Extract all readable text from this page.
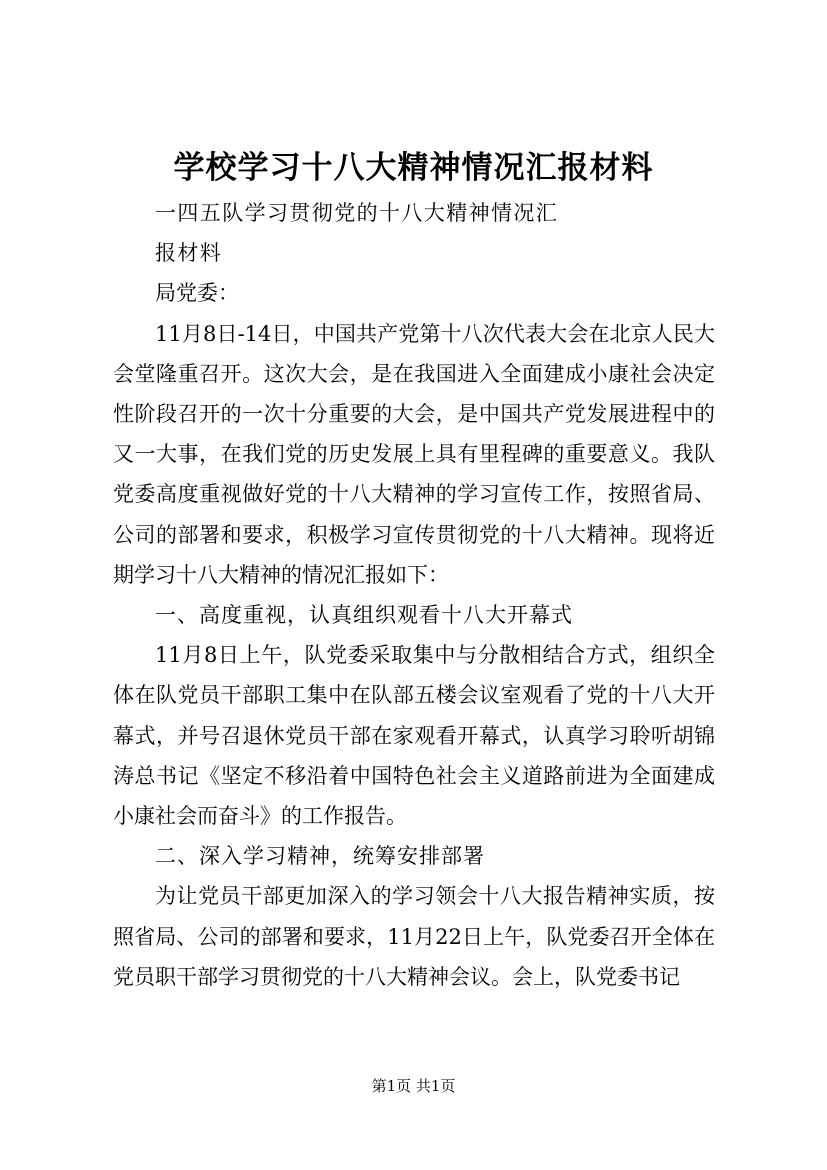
学校学习十八大精神情况汇报材料

一四五队学习贯彻党的十八大精神情况汇

报材料

局党委：

11月8日-14日，中国共产党第十八次代表大会在北京人民大会堂隆重召开。这次大会，是在我国进入全面建成小康社会决定性阶段召开的一次十分重要的大会，是中国共产党发展进程中的又一大事，在我们党的历史发展上具有里程碑的重要意义。我队党委高度重视做好党的十八大精神的学习宣传工作，按照省局、公司的部署和要求，积极学习宣传贯彻党的十八大精神。现将近期学习十八大精神的情况汇报如下：

一、高度重视，认真组织观看十八大开幕式

11月8日上午，队党委采取集中与分散相结合方式，组织全体在队党员干部职工集中在队部五楼会议室观看了党的十八大开幕式，并号召退休党员干部在家观看开幕式，认真学习聆听胡锦涛总书记《坚定不移沿着中国特色社会主义道路前进为全面建成小康社会而奋斗》的工作报告。

二、深入学习精神，统筹安排部署

为让党员干部更加深入的学习领会十八大报告精神实质，按照省局、公司的部署和要求，11月22日上午，队党委召开全体在党员职干部学习贯彻党的十八大精神会议。会上，队党委书记

第1页 共1页
